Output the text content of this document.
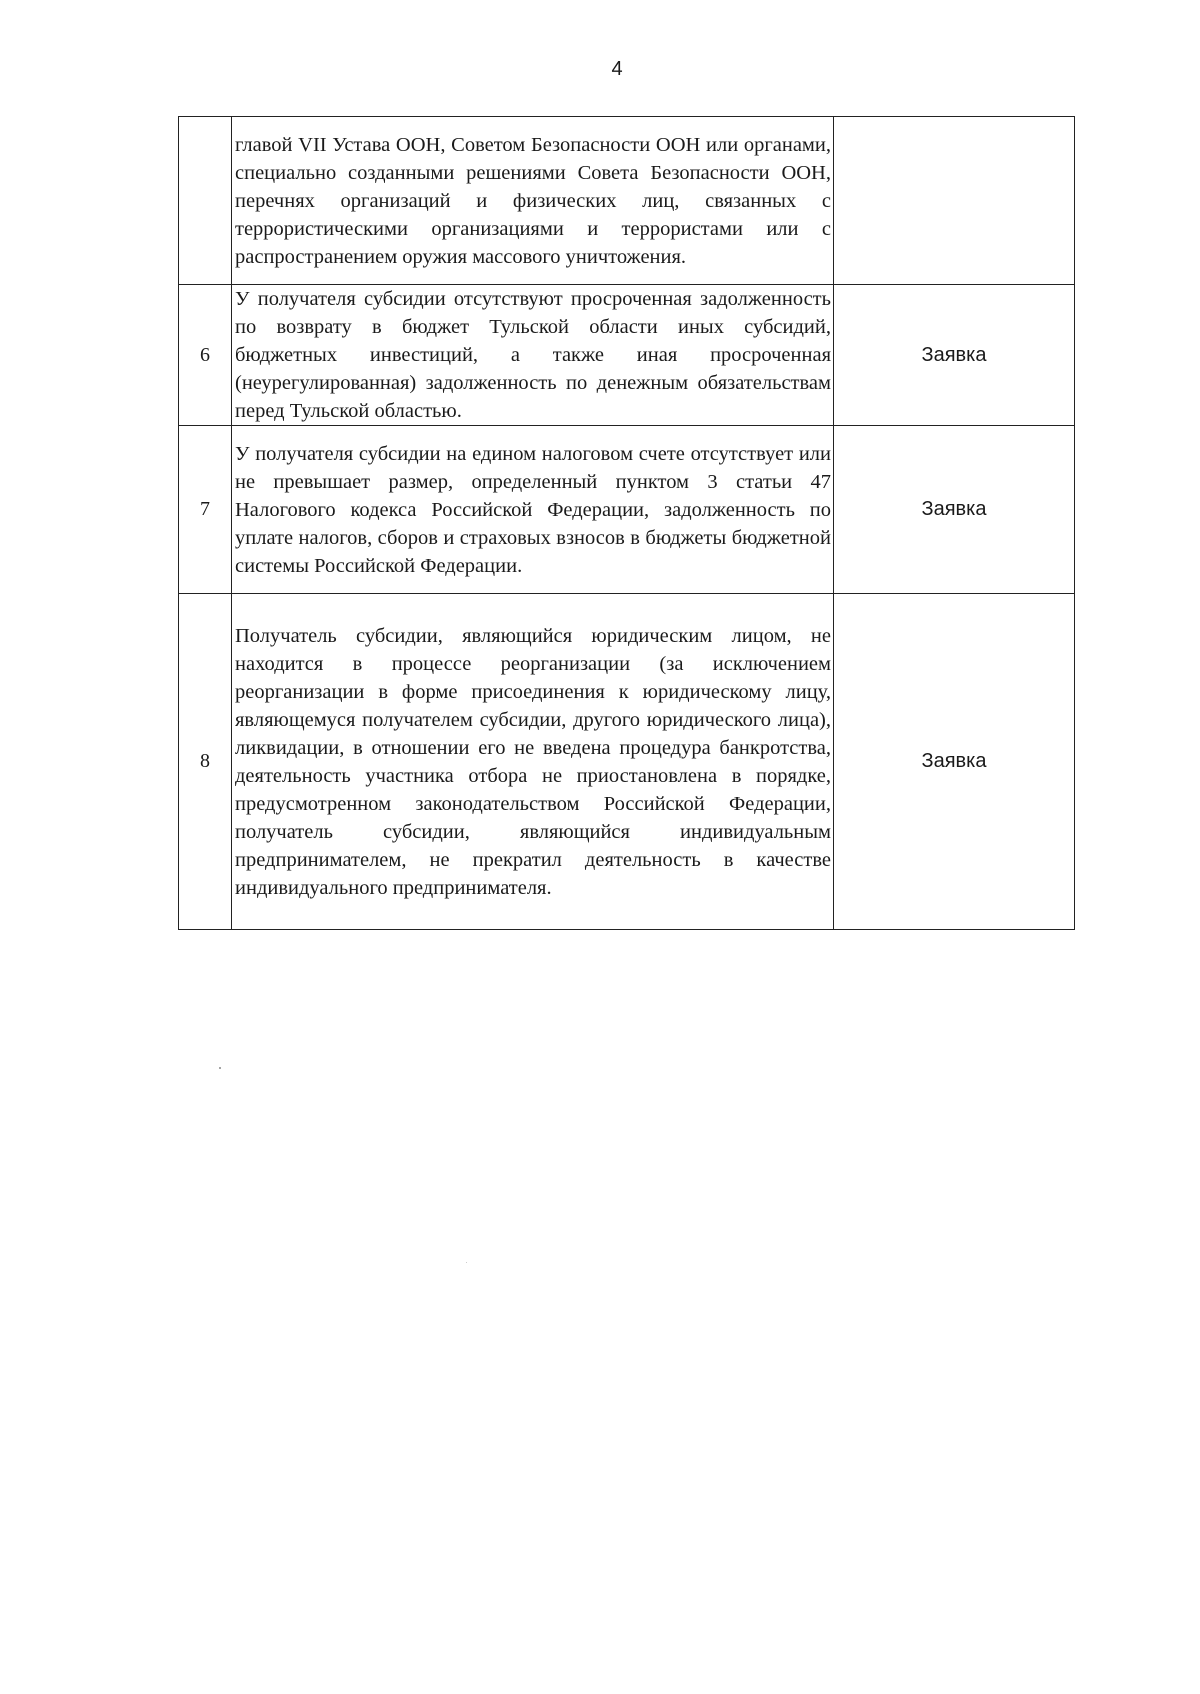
4
	главой VII Устава ООН, Советом Безопасности ООН или органами, специально созданными решениями Совета Безопасности ООН, перечнях организаций и физических лиц, связанных с террористическими организациями и террористами или с распространением оружия массового уничтожения.	
6	У получателя субсидии отсутствуют просроченная задолженность по возврату в бюджет Тульской области иных субсидий, бюджетных инвестиций, а также иная просроченная (неурегулированная) задолженность по денежным обязательствам перед Тульской областью.	Заявка
7	У получателя субсидии на едином налоговом счете отсутствует или не превышает размер, определенный пунктом 3 статьи 47 Налогового кодекса Российской Федерации, задолженность по уплате налогов, сборов и страховых взносов в бюджеты бюджетной системы Российской Федерации.	Заявка
8	Получатель субсидии, являющийся юридическим лицом, не находится в процессе реорганизации (за исключением реорганизации в форме присоединения к юридическому лицу, являющемуся получателем субсидии, другого юридического лица), ликвидации, в отношении его не введена процедура банкротства, деятельность участника отбора не приостановлена в порядке, предусмотренном законодательством Российской Федерации, получатель субсидии, являющийся индивидуальным предпринимателем, не прекратил деятельность в качестве индивидуального предпринимателя.	Заявка
